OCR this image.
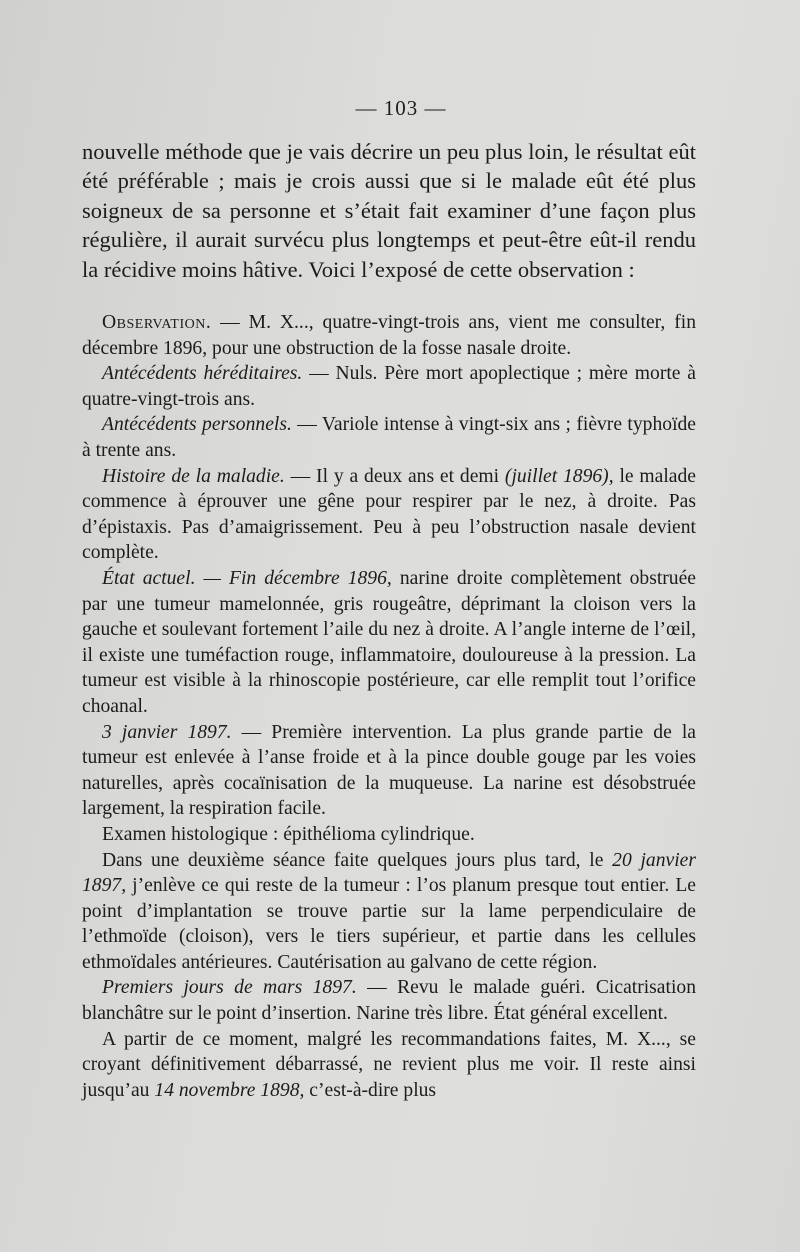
— 103 —

nouvelle méthode que je vais décrire un peu plus loin, le résultat eût été préférable ; mais je crois aussi que si le malade eût été plus soigneux de sa personne et s’était fait examiner d’une façon plus régulière, il aurait survécu plus longtemps et peut-être eût-il rendu la récidive moins hâtive. Voici l’exposé de cette observation :

Observation. — M. X..., quatre-vingt-trois ans, vient me consulter, fin décembre 1896, pour une obstruction de la fosse nasale droite.

Antécédents héréditaires. — Nuls. Père mort apoplectique ; mère morte à quatre-vingt-trois ans.

Antécédents personnels. — Variole intense à vingt-six ans ; fièvre typhoïde à trente ans.

Histoire de la maladie. — Il y a deux ans et demi (juillet 1896), le malade commence à éprouver une gêne pour respirer par le nez, à droite. Pas d’épistaxis. Pas d’amaigrissement. Peu à peu l’obstruction nasale devient complète.

État actuel. — Fin décembre 1896, narine droite complètement obstruée par une tumeur mamelonnée, gris rougeâtre, déprimant la cloison vers la gauche et soulevant fortement l’aile du nez à droite. A l’angle interne de l’œil, il existe une tuméfaction rouge, inflammatoire, douloureuse à la pression. La tumeur est visible à la rhinoscopie postérieure, car elle remplit tout l’orifice choanal.

3 janvier 1897. — Première intervention. La plus grande partie de la tumeur est enlevée à l’anse froide et à la pince double gouge par les voies naturelles, après cocaïnisation de la muqueuse. La narine est désobstruée largement, la respiration facile.

Examen histologique : épithélioma cylindrique.

Dans une deuxième séance faite quelques jours plus tard, le 20 janvier 1897, j’enlève ce qui reste de la tumeur : l’os planum presque tout entier. Le point d’implantation se trouve partie sur la lame perpendiculaire de l’ethmoïde (cloison), vers le tiers supérieur, et partie dans les cellules ethmoïdales antérieures. Cautérisation au galvano de cette région.

Premiers jours de mars 1897. — Revu le malade guéri. Cicatrisation blanchâtre sur le point d’insertion. Narine très libre. État général excellent.

A partir de ce moment, malgré les recommandations faites, M. X..., se croyant définitivement débarrassé, ne revient plus me voir. Il reste ainsi jusqu’au 14 novembre 1898, c’est-à-dire plus
